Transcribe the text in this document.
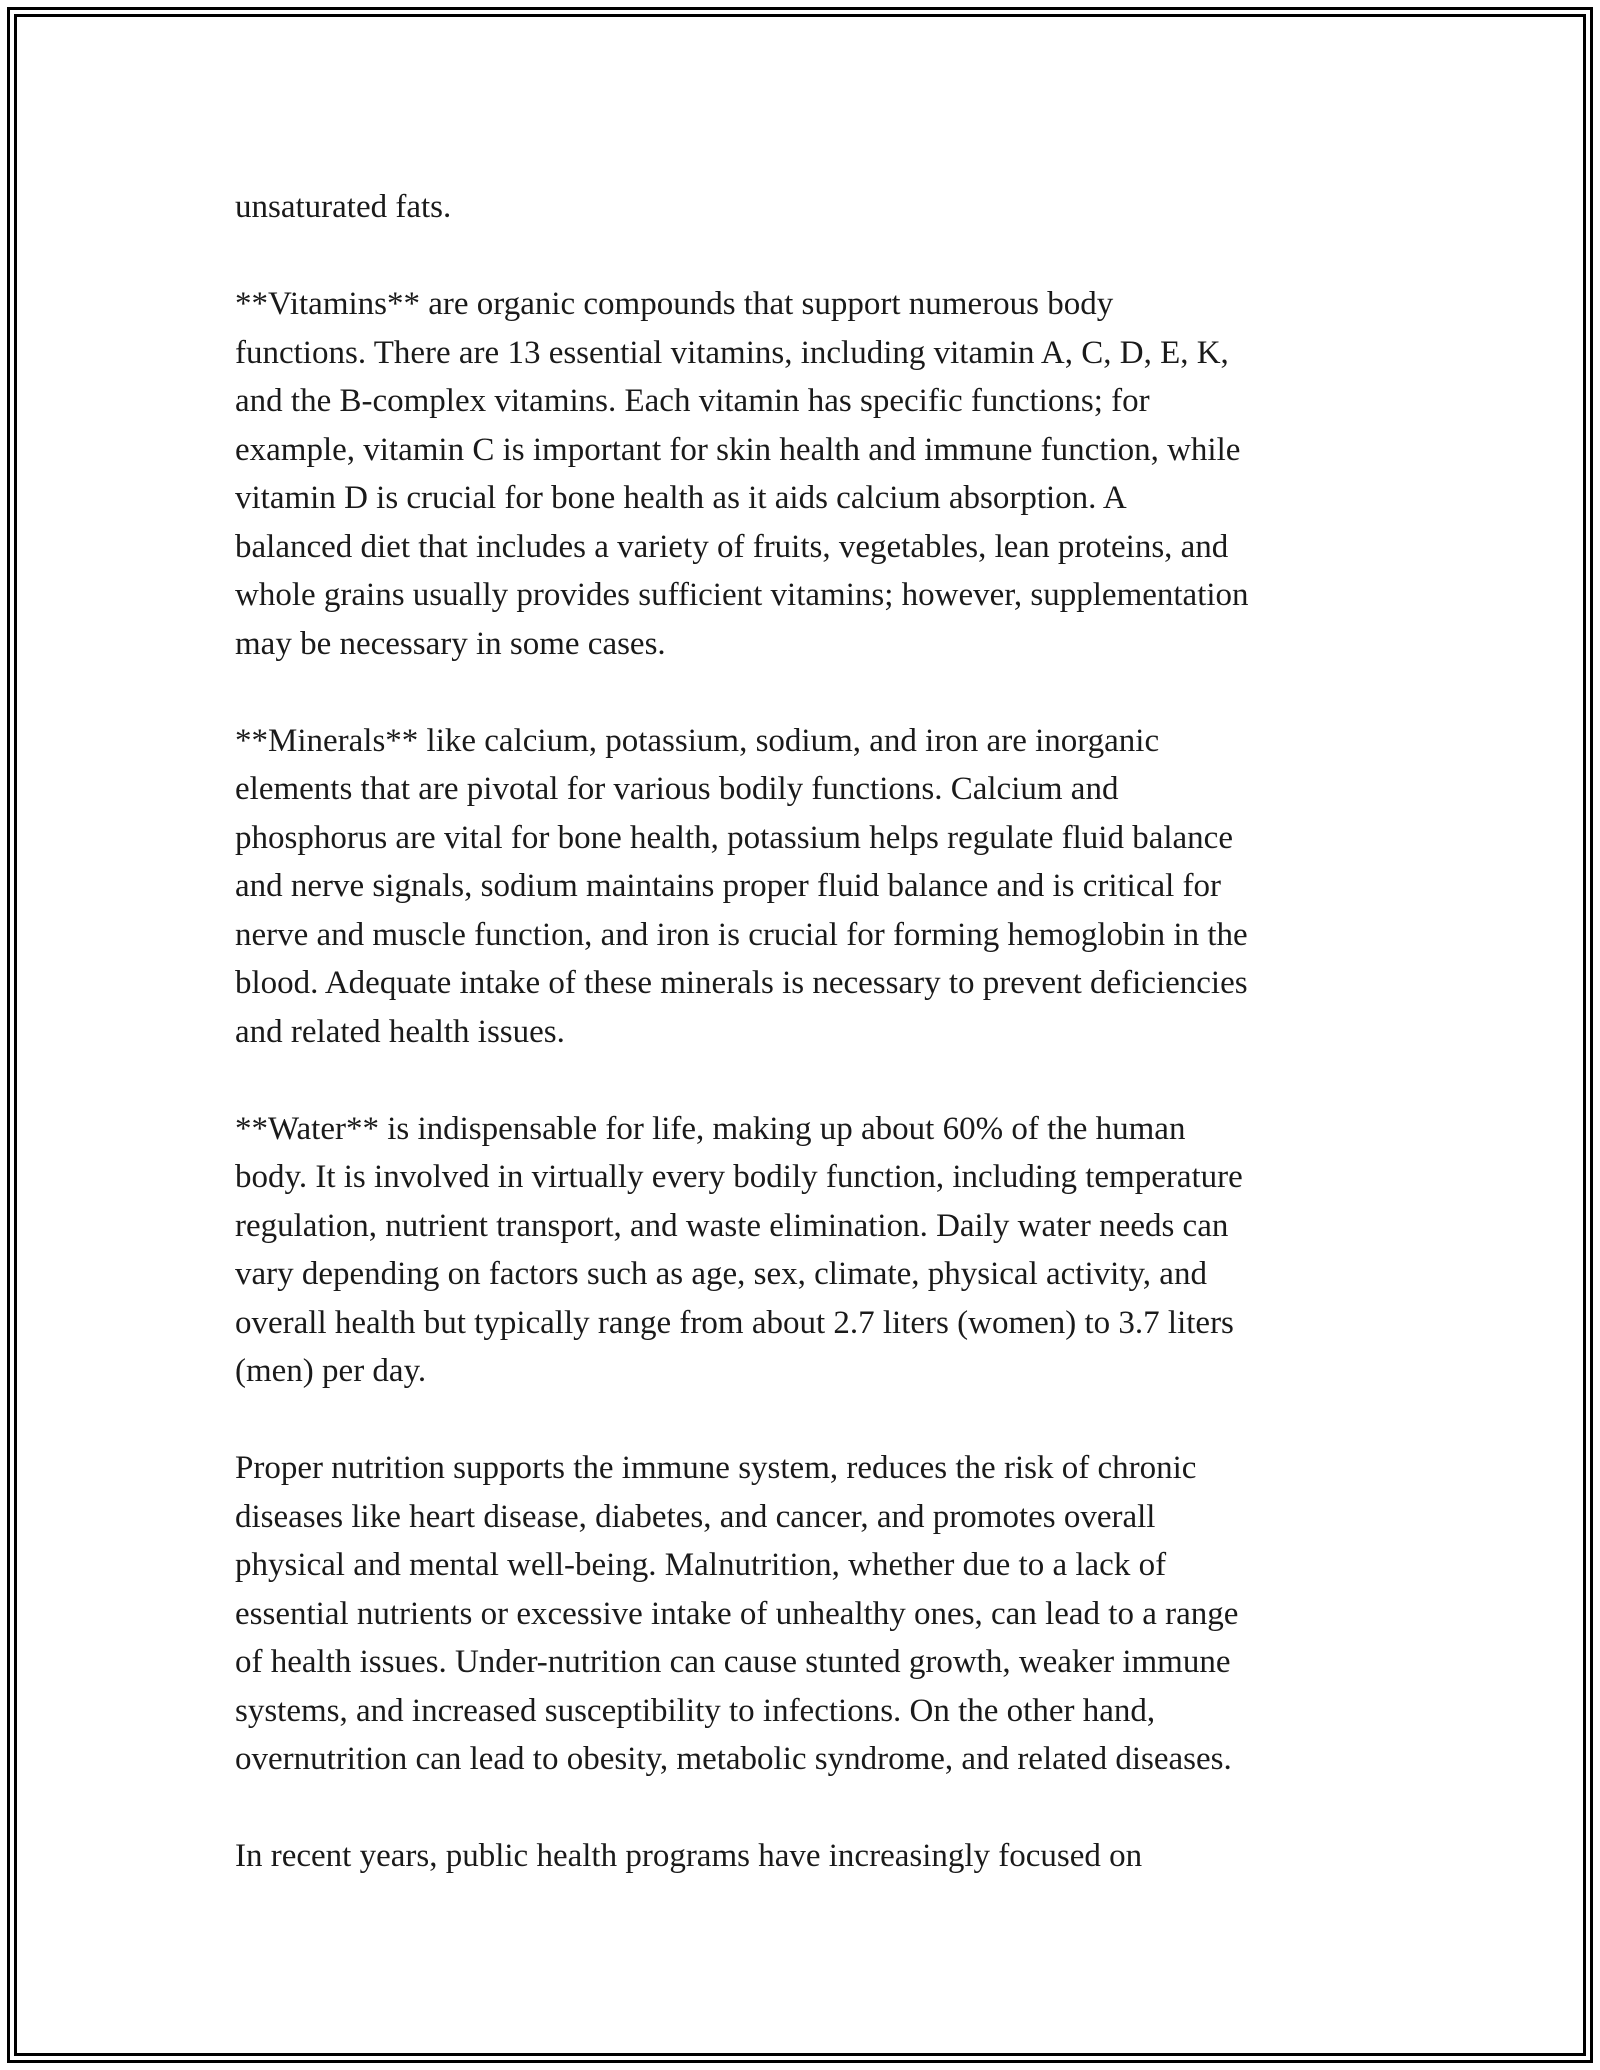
unsaturated fats.
**Vitamins** are organic compounds that support numerous body
functions. There are 13 essential vitamins, including vitamin A, C, D, E, K,
and the B-complex vitamins. Each vitamin has specific functions; for
example, vitamin C is important for skin health and immune function, while
vitamin D is crucial for bone health as it aids calcium absorption. A
balanced diet that includes a variety of fruits, vegetables, lean proteins, and
whole grains usually provides sufficient vitamins; however, supplementation
may be necessary in some cases.
**Minerals** like calcium, potassium, sodium, and iron are inorganic
elements that are pivotal for various bodily functions. Calcium and
phosphorus are vital for bone health, potassium helps regulate fluid balance
and nerve signals, sodium maintains proper fluid balance and is critical for
nerve and muscle function, and iron is crucial for forming hemoglobin in the
blood. Adequate intake of these minerals is necessary to prevent deficiencies
and related health issues.
**Water** is indispensable for life, making up about 60% of the human
body. It is involved in virtually every bodily function, including temperature
regulation, nutrient transport, and waste elimination. Daily water needs can
vary depending on factors such as age, sex, climate, physical activity, and
overall health but typically range from about 2.7 liters (women) to 3.7 liters
(men) per day.
Proper nutrition supports the immune system, reduces the risk of chronic
diseases like heart disease, diabetes, and cancer, and promotes overall
physical and mental well-being. Malnutrition, whether due to a lack of
essential nutrients or excessive intake of unhealthy ones, can lead to a range
of health issues. Under-nutrition can cause stunted growth, weaker immune
systems, and increased susceptibility to infections. On the other hand,
overnutrition can lead to obesity, metabolic syndrome, and related diseases.
In recent years, public health programs have increasingly focused on
